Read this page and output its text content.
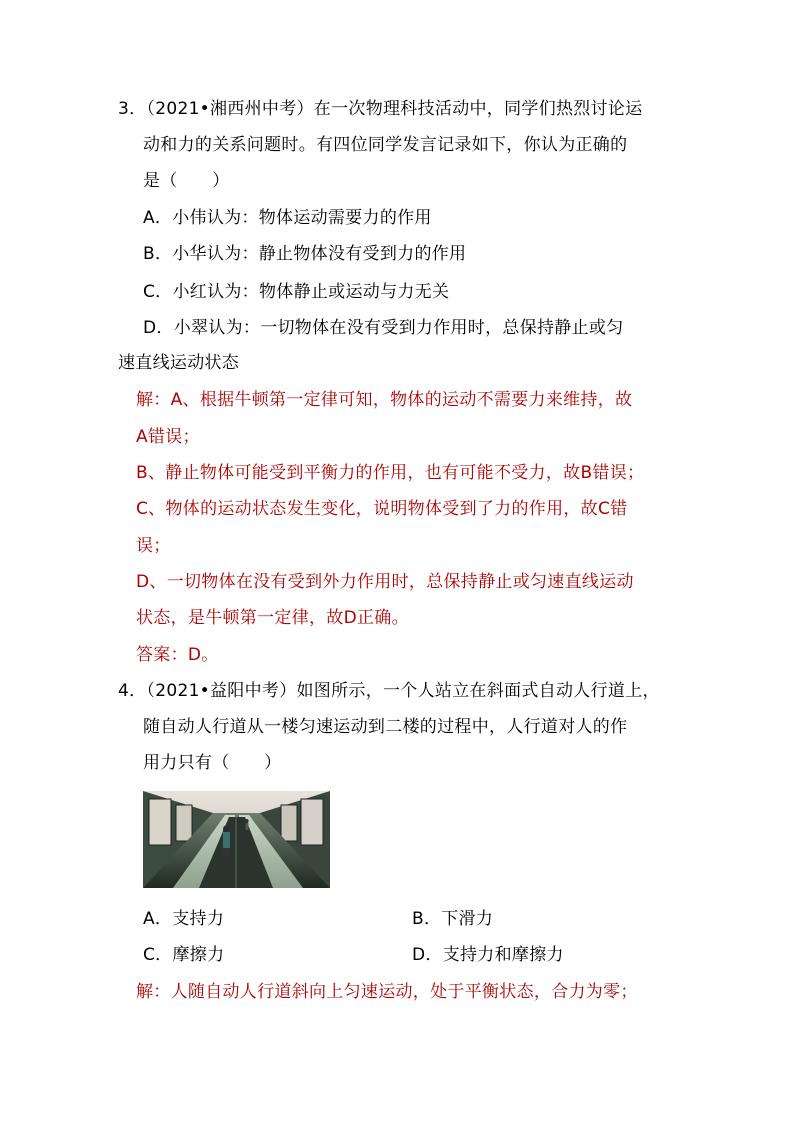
3．（2021•湘西州中考）在一次物理科技活动中，同学们热烈讨论运
动和力的关系问题时。有四位同学发言记录如下，你认为正确的
是（　　）
A．小伟认为：物体运动需要力的作用
B．小华认为：静止物体没有受到力的作用
C．小红认为：物体静止或运动与力无关
D．小翠认为：一切物体在没有受到力作用时，总保持静止或匀
速直线运动状态
解：A、根据牛顿第一定律可知，物体的运动不需要力来维持，故
A错误；
B、静止物体可能受到平衡力的作用，也有可能不受力，故B错误；
C、物体的运动状态发生变化，说明物体受到了力的作用，故C错
误；
D、一切物体在没有受到外力作用时，总保持静止或匀速直线运动
状态，是牛顿第一定律，故D正确。
答案：D。
4．（2021•益阳中考）如图所示，一个人站立在斜面式自动人行道上，
随自动人行道从一楼匀速运动到二楼的过程中，人行道对人的作
用力只有（　　）
A．支持力	B．下滑力
C．摩擦力	D．支持力和摩擦力
解：人随自动人行道斜向上匀速运动，处于平衡状态，合力为零；
